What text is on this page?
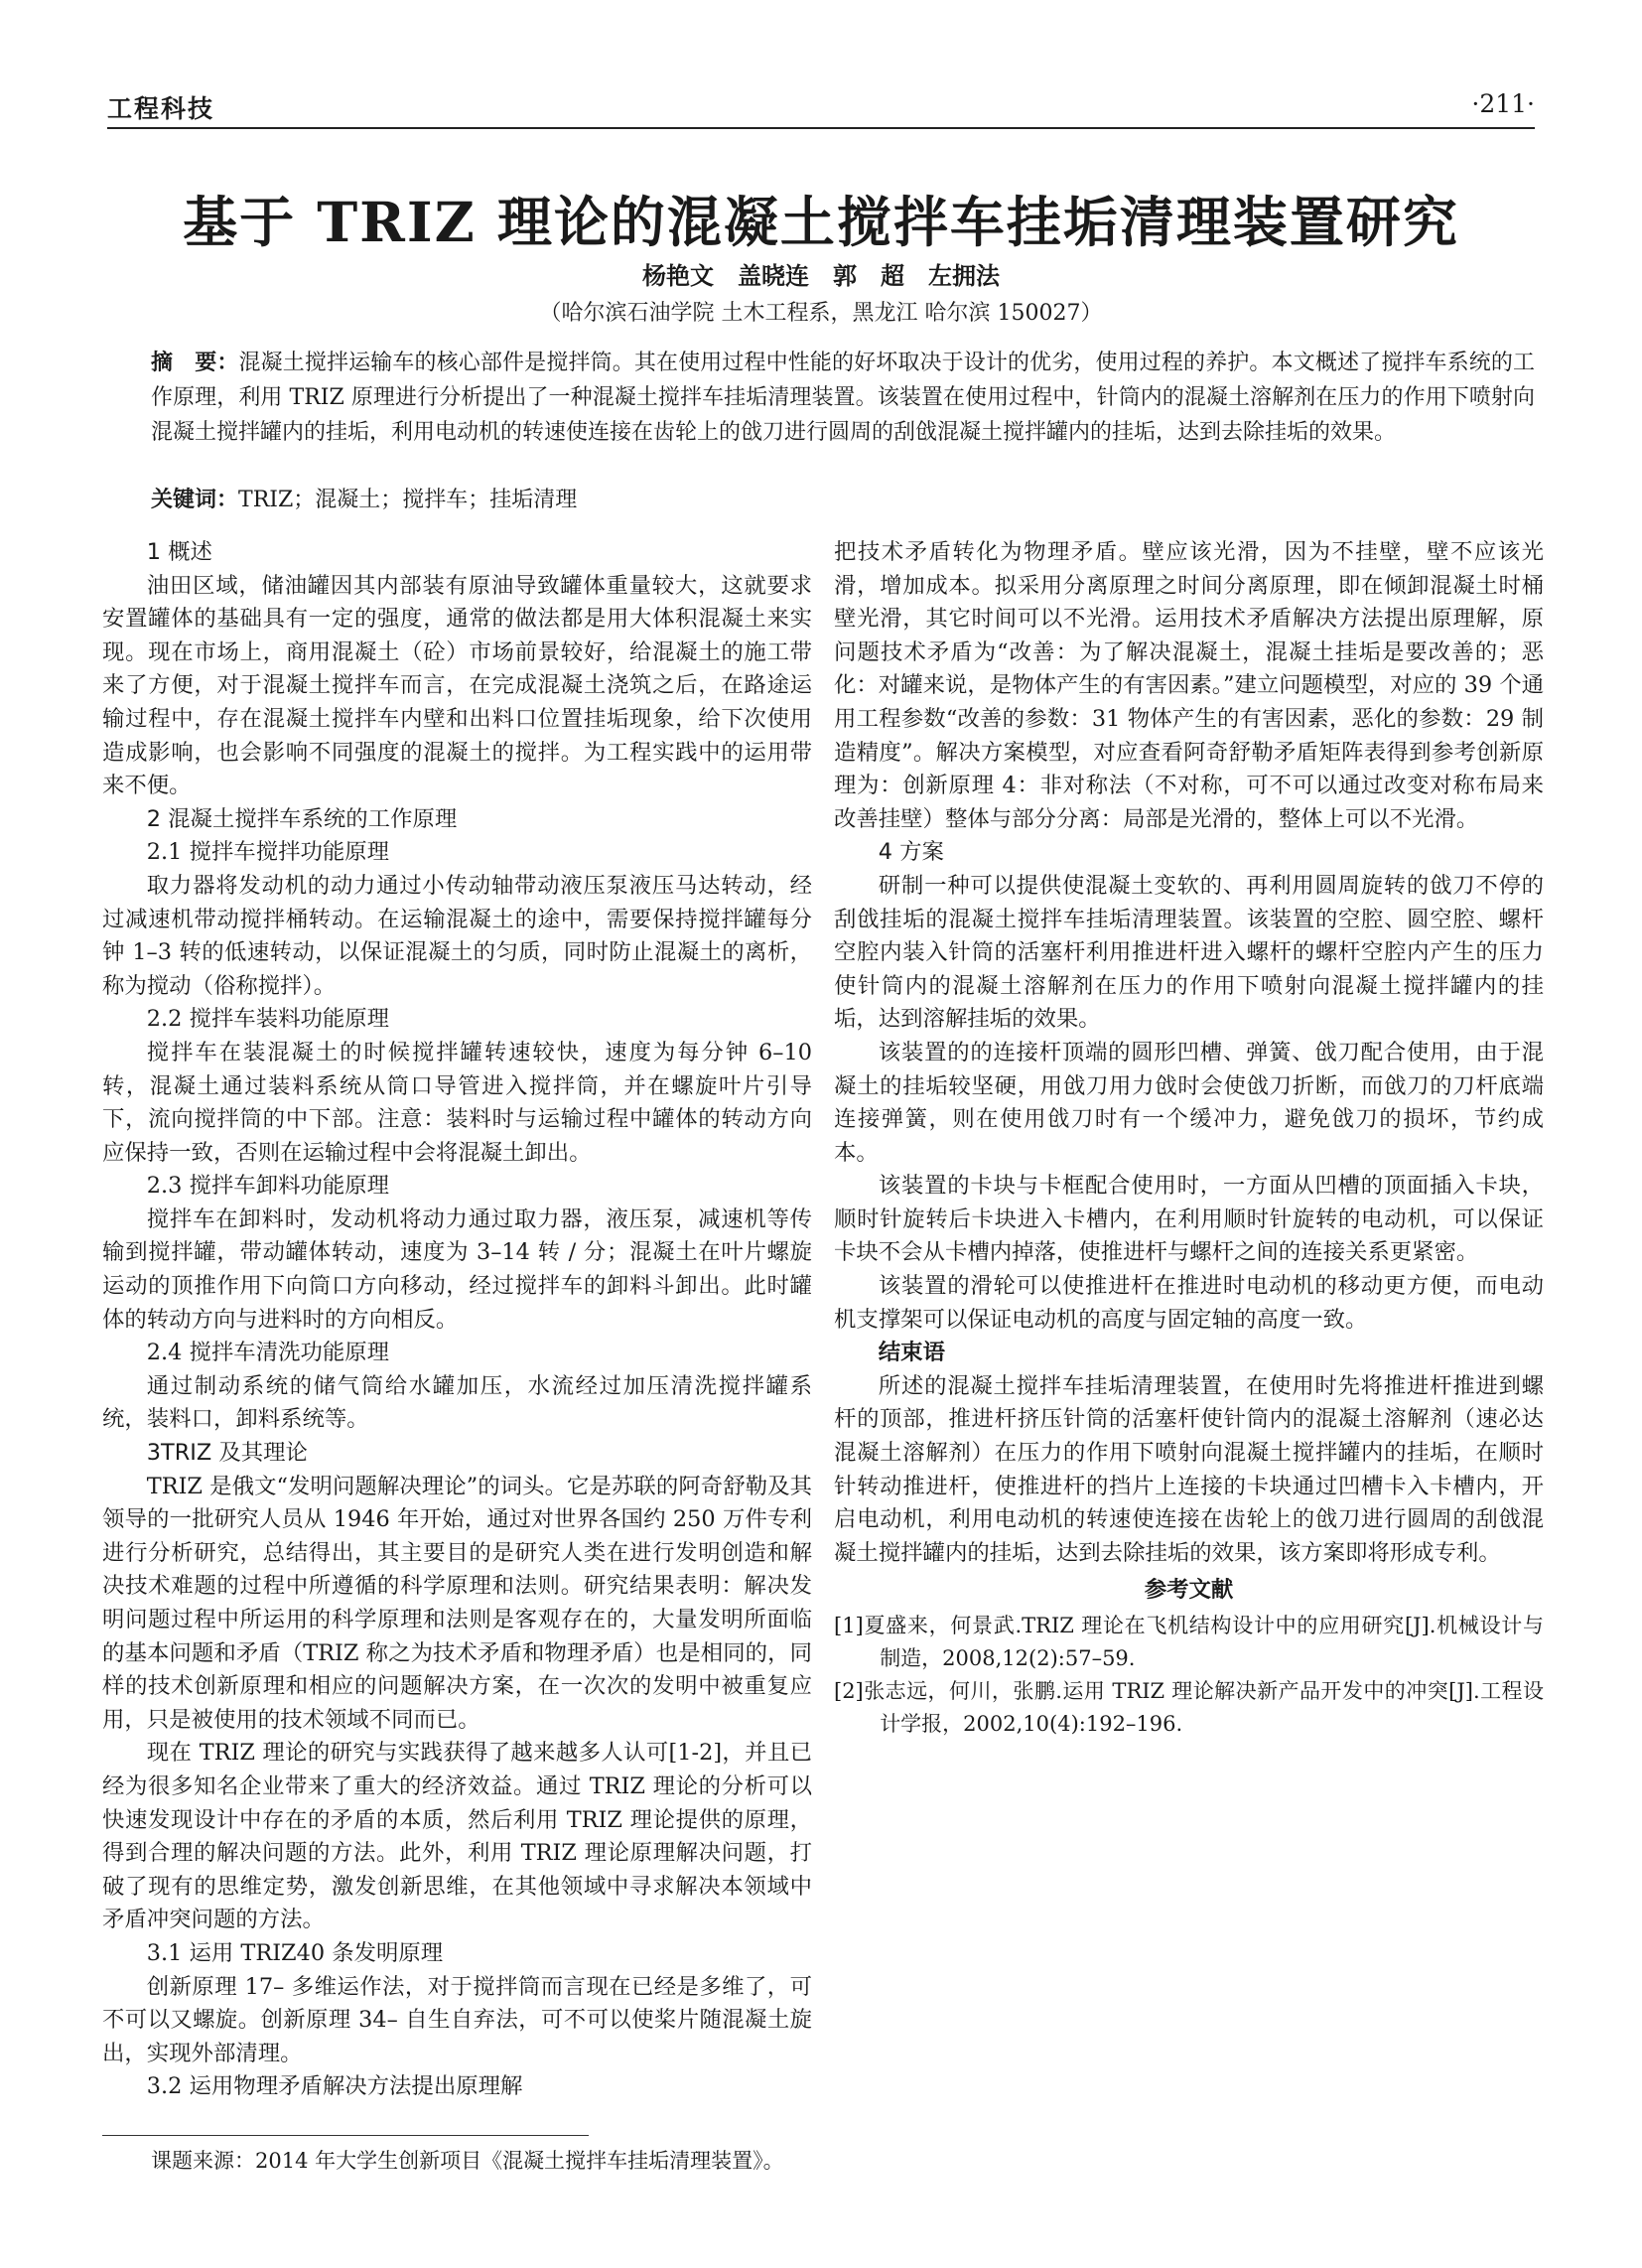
工程科技	·211·
基于 TRIZ 理论的混凝土搅拌车挂垢清理装置研究
杨艳文　盖晓连　郭　超　左拥法
（哈尔滨石油学院 土木工程系，黑龙江 哈尔滨 150027）
摘　要：混凝土搅拌运输车的核心部件是搅拌筒。其在使用过程中性能的好坏取决于设计的优劣，使用过程的养护。本文概述了搅拌车系统的工作原理，利用 TRIZ 原理进行分析提出了一种混凝土搅拌车挂垢清理装置。该装置在使用过程中，针筒内的混凝土溶解剂在压力的作用下喷射向混凝土搅拌罐内的挂垢，利用电动机的转速使连接在齿轮上的戗刀进行圆周的刮戗混凝土搅拌罐内的挂垢，达到去除挂垢的效果。
关键词：TRIZ；混凝土；搅拌车；挂垢清理
1 概述

油田区域，储油罐因其内部装有原油导致罐体重量较大，这就要求安置罐体的基础具有一定的强度，通常的做法都是用大体积混凝土来实现。现在市场上，商用混凝土（砼）市场前景较好，给混凝土的施工带来了方便，对于混凝土搅拌车而言，在完成混凝土浇筑之后，在路途运输过程中，存在混凝土搅拌车内壁和出料口位置挂垢现象，给下次使用造成影响，也会影响不同强度的混凝土的搅拌。为工程实践中的运用带来不便。

2 混凝土搅拌车系统的工作原理
2.1 搅拌车搅拌功能原理

取力器将发动机的动力通过小传动轴带动液压泵液压马达转动，经过减速机带动搅拌桶转动。在运输混凝土的途中，需要保持搅拌罐每分钟 1–3 转的低速转动，以保证混凝土的匀质，同时防止混凝土的离析，称为搅动（俗称搅拌）。

2.2 搅拌车装料功能原理

搅拌车在装混凝土的时候搅拌罐转速较快，速度为每分钟 6–10 转，混凝土通过装料系统从筒口导管进入搅拌筒，并在螺旋叶片引导下，流向搅拌筒的中下部。注意：装料时与运输过程中罐体的转动方向应保持一致，否则在运输过程中会将混凝土卸出。

2.3 搅拌车卸料功能原理

搅拌车在卸料时，发动机将动力通过取力器，液压泵，减速机等传输到搅拌罐，带动罐体转动，速度为 3–14 转 / 分；混凝土在叶片螺旋运动的顶推作用下向筒口方向移动，经过搅拌车的卸料斗卸出。此时罐体的转动方向与进料时的方向相反。

2.4 搅拌车清洗功能原理

通过制动系统的储气筒给水罐加压，水流经过加压清洗搅拌罐系统，装料口，卸料系统等。

3TRIZ 及其理论

TRIZ 是俄文“发明问题解决理论”的词头。它是苏联的阿奇舒勒及其领导的一批研究人员从 1946 年开始，通过对世界各国约 250 万件专利进行分析研究，总结得出，其主要目的是研究人类在进行发明创造和解决技术难题的过程中所遵循的科学原理和法则。研究结果表明：解决发明问题过程中所运用的科学原理和法则是客观存在的，大量发明所面临的基本问题和矛盾（TRIZ 称之为技术矛盾和物理矛盾）也是相同的，同样的技术创新原理和相应的问题解决方案，在一次次的发明中被重复应用，只是被使用的技术领域不同而已。

现在 TRIZ 理论的研究与实践获得了越来越多人认可[1-2]，并且已经为很多知名企业带来了重大的经济效益。通过 TRIZ 理论的分析可以快速发现设计中存在的矛盾的本质，然后利用 TRIZ 理论提供的原理，得到合理的解决问题的方法。此外，利用 TRIZ 理论原理解决问题，打破了现有的思维定势，激发创新思维，在其他领域中寻求解决本领域中矛盾冲突问题的方法。

3.1 运用 TRIZ40 条发明原理

创新原理 17– 多维运作法，对于搅拌筒而言现在已经是多维了，可不可以又螺旋。创新原理 34– 自生自弃法，可不可以使桨片随混凝土旋出，实现外部清理。

3.2 运用物理矛盾解决方法提出原理解

把技术矛盾转化为物理矛盾。壁应该光滑，因为不挂壁，壁不应该光滑，增加成本。拟采用分离原理之时间分离原理，即在倾卸混凝土时桶壁光滑，其它时间可以不光滑。运用技术矛盾解决方法提出原理解，原问题技术矛盾为“改善：为了解决混凝土，混凝土挂垢是要改善的；恶化：对罐来说，是物体产生的有害因素。”建立问题模型，对应的 39 个通用工程参数“改善的参数：31 物体产生的有害因素，恶化的参数：29 制造精度”。解决方案模型，对应查看阿奇舒勒矛盾矩阵表得到参考创新原理为：创新原理 4：非对称法（不对称，可不可以通过改变对称布局来改善挂壁）整体与部分分离：局部是光滑的，整体上可以不光滑。

4 方案

研制一种可以提供使混凝土变软的、再利用圆周旋转的戗刀不停的刮戗挂垢的混凝土搅拌车挂垢清理装置。该装置的空腔、圆空腔、螺杆空腔内装入针筒的活塞杆利用推进杆进入螺杆的螺杆空腔内产生的压力使针筒内的混凝土溶解剂在压力的作用下喷射向混凝土搅拌罐内的挂垢，达到溶解挂垢的效果。

该装置的的连接杆顶端的圆形凹槽、弹簧、戗刀配合使用，由于混凝土的挂垢较坚硬，用戗刀用力戗时会使戗刀折断，而戗刀的刀杆底端连接弹簧，则在使用戗刀时有一个缓冲力，避免戗刀的损坏，节约成本。

该装置的卡块与卡框配合使用时，一方面从凹槽的顶面插入卡块，顺时针旋转后卡块进入卡槽内，在利用顺时针旋转的电动机，可以保证卡块不会从卡槽内掉落，使推进杆与螺杆之间的连接关系更紧密。

该装置的滑轮可以使推进杆在推进时电动机的移动更方便，而电动机支撑架可以保证电动机的高度与固定轴的高度一致。

结束语

所述的混凝土搅拌车挂垢清理装置，在使用时先将推进杆推进到螺杆的顶部，推进杆挤压针筒的活塞杆使针筒内的混凝土溶解剂（速必达混凝土溶解剂）在压力的作用下喷射向混凝土搅拌罐内的挂垢，在顺时针转动推进杆，使推进杆的挡片上连接的卡块通过凹槽卡入卡槽内，开启电动机，利用电动机的转速使连接在齿轮上的戗刀进行圆周的刮戗混凝土搅拌罐内的挂垢，达到去除挂垢的效果，该方案即将形成专利。

参考文献
[1]夏盛来，何景武.TRIZ 理论在飞机结构设计中的应用研究[J].机械设计与制造，2008,12(2):57–59.
[2]张志远，何川，张鹏.运用 TRIZ 理论解决新产品开发中的冲突[J].工程设计学报，2002,10(4):192–196.
课题来源：2014 年大学生创新项目《混凝土搅拌车挂垢清理装置》。
